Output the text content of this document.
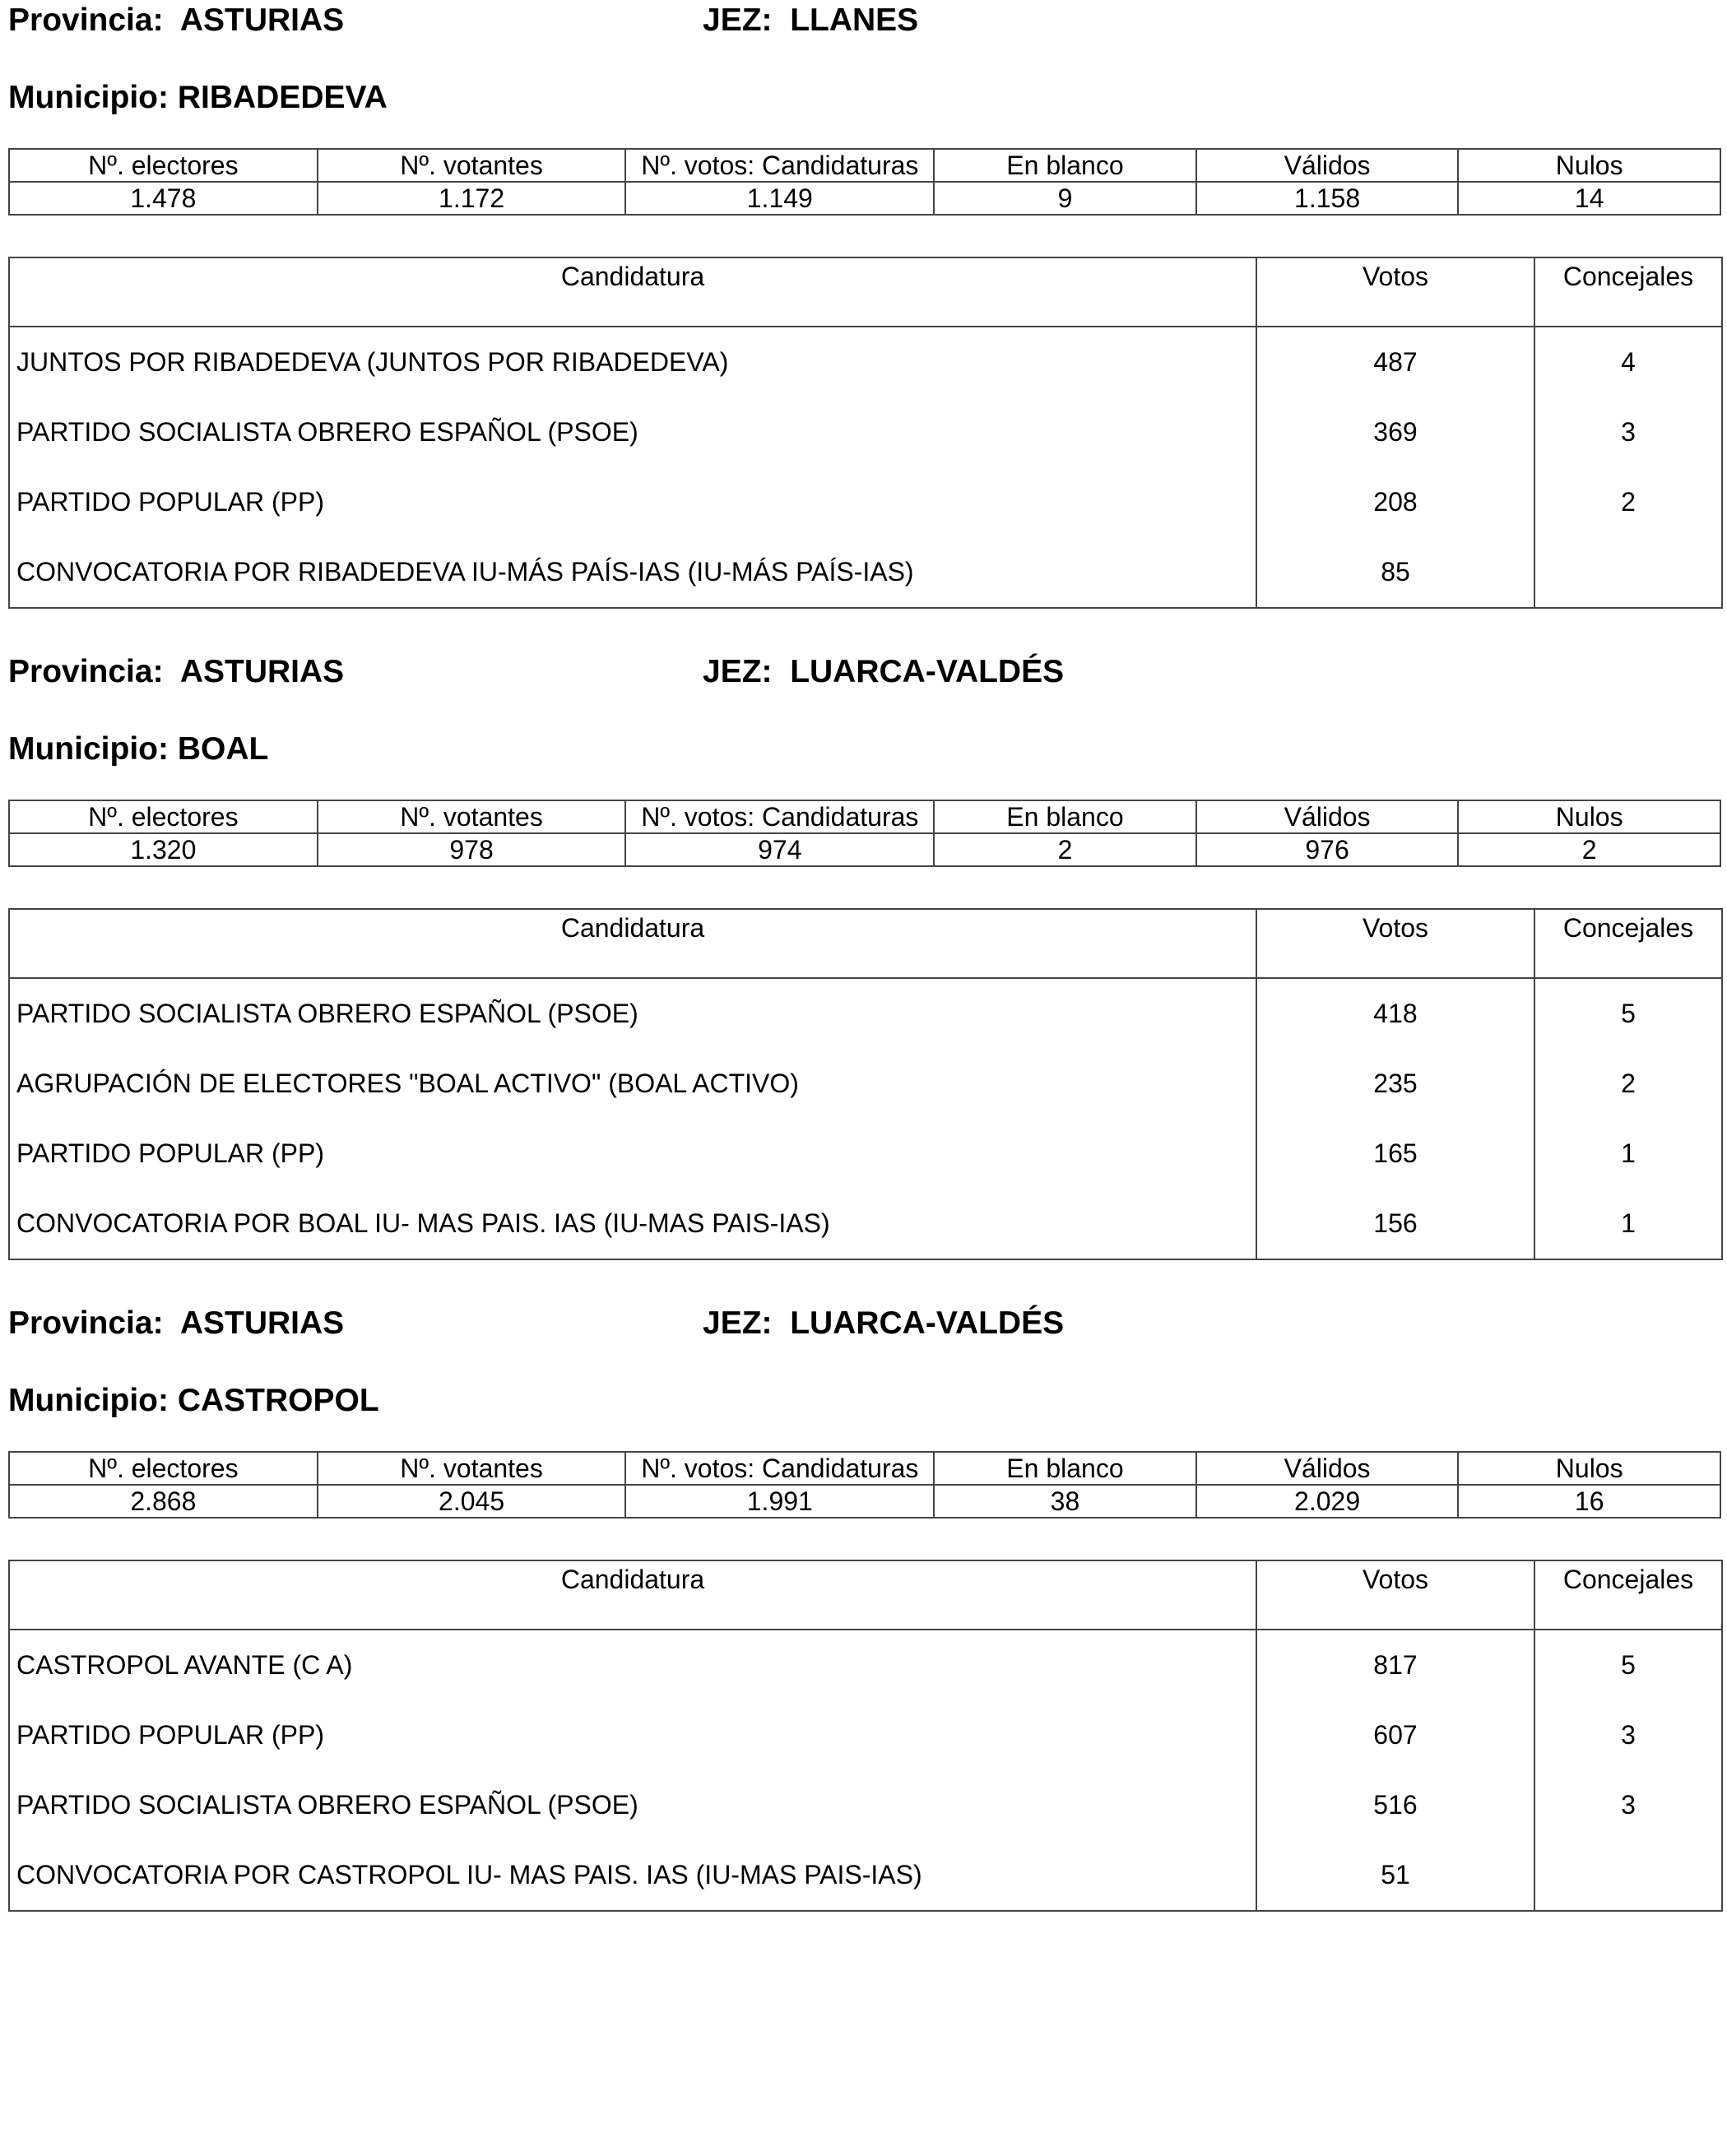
Provincia: ASTURIAS	JEZ: LLANES
Municipio: RIBADEDEVA
Nº. electores	Nº. votantes	Nº. votos: Candidaturas	En blanco	Válidos	Nulos
1.478	1.172	1.149	9	1.158	14
Candidatura	Votos	Concejales
JUNTOS POR RIBADEDEVA (JUNTOS POR RIBADEDEVA)	487	4
PARTIDO SOCIALISTA OBRERO ESPAÑOL (PSOE)	369	3
PARTIDO POPULAR (PP)	208	2
CONVOCATORIA POR RIBADEDEVA IU-MÁS PAÍS-IAS (IU-MÁS PAÍS-IAS)	85	
Provincia: ASTURIAS	JEZ: LUARCA-VALDÉS
Municipio: BOAL
Nº. electores	Nº. votantes	Nº. votos: Candidaturas	En blanco	Válidos	Nulos
1.320	978	974	2	976	2
Candidatura	Votos	Concejales
PARTIDO SOCIALISTA OBRERO ESPAÑOL (PSOE)	418	5
AGRUPACIÓN DE ELECTORES "BOAL ACTIVO" (BOAL ACTIVO)	235	2
PARTIDO POPULAR (PP)	165	1
CONVOCATORIA POR BOAL IU- MAS PAIS. IAS (IU-MAS PAIS-IAS)	156	1
Provincia: ASTURIAS	JEZ: LUARCA-VALDÉS
Municipio: CASTROPOL
Nº. electores	Nº. votantes	Nº. votos: Candidaturas	En blanco	Válidos	Nulos
2.868	2.045	1.991	38	2.029	16
Candidatura	Votos	Concejales
CASTROPOL AVANTE (C A)	817	5
PARTIDO POPULAR (PP)	607	3
PARTIDO SOCIALISTA OBRERO ESPAÑOL (PSOE)	516	3
CONVOCATORIA POR CASTROPOL IU- MAS PAIS. IAS (IU-MAS PAIS-IAS)	51	
